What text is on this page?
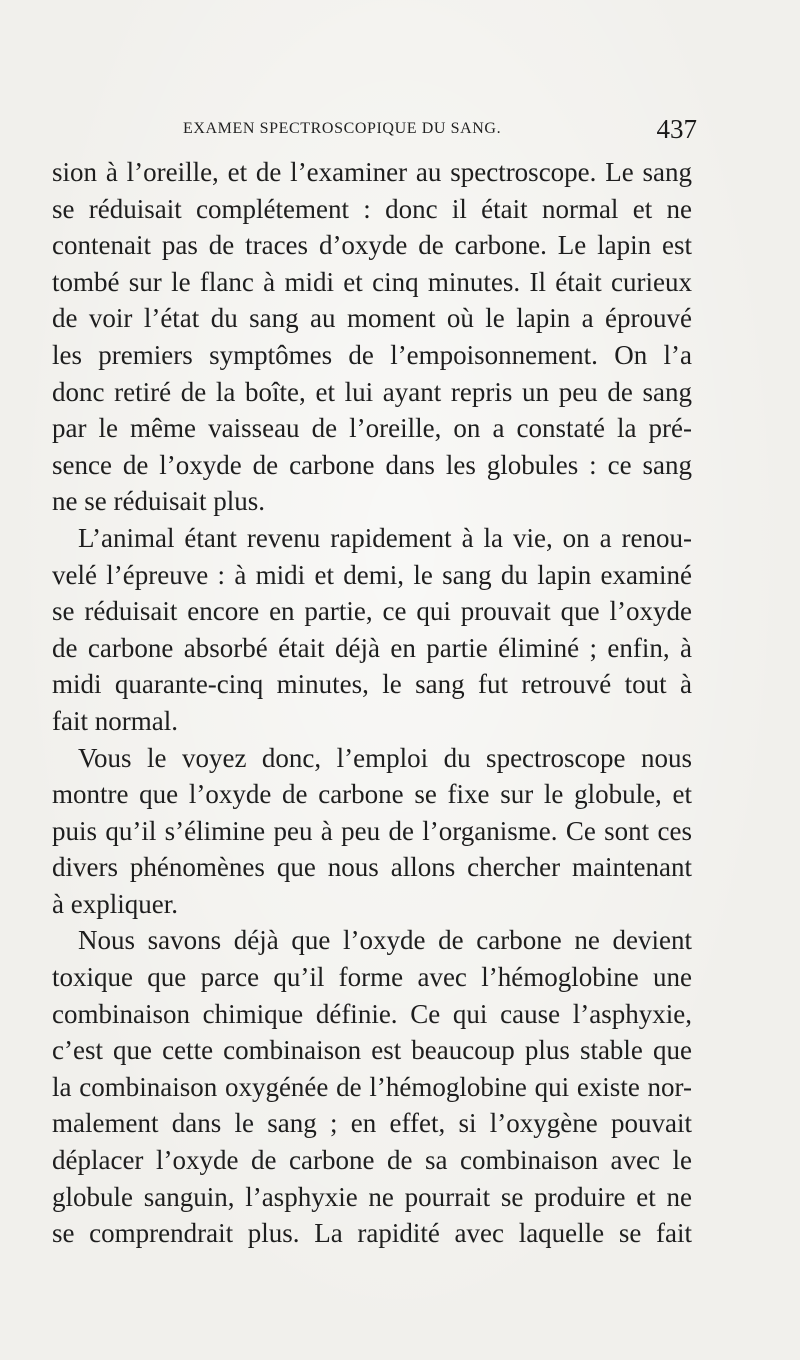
EXAMEN SPECTROSCOPIQUE DU SANG.	437
sion à l’oreille, et de l’examiner au spectroscope. Le sang
se réduisait complétement : donc il était normal et ne
contenait pas de traces d’oxyde de carbone. Le lapin est
tombé sur le flanc à midi et cinq minutes. Il était curieux
de voir l’état du sang au moment où le lapin a éprouvé
les premiers symptômes de l’empoisonnement. On l’a
donc retiré de la boîte, et lui ayant repris un peu de sang
par le même vaisseau de l’oreille, on a constaté la pré-
sence de l’oxyde de carbone dans les globules : ce sang
ne se réduisait plus.
L’animal étant revenu rapidement à la vie, on a renou-
velé l’épreuve : à midi et demi, le sang du lapin examiné
se réduisait encore en partie, ce qui prouvait que l’oxyde
de carbone absorbé était déjà en partie éliminé ; enfin, à
midi quarante-cinq minutes, le sang fut retrouvé tout à
fait normal.
Vous le voyez donc, l’emploi du spectroscope nous
montre que l’oxyde de carbone se fixe sur le globule, et
puis qu’il s’élimine peu à peu de l’organisme. Ce sont ces
divers phénomènes que nous allons chercher maintenant
à expliquer.
Nous savons déjà que l’oxyde de carbone ne devient
toxique que parce qu’il forme avec l’hémoglobine une
combinaison chimique définie. Ce qui cause l’asphyxie,
c’est que cette combinaison est beaucoup plus stable que
la combinaison oxygénée de l’hémoglobine qui existe nor-
malement dans le sang ; en effet, si l’oxygène pouvait
déplacer l’oxyde de carbone de sa combinaison avec le
globule sanguin, l’asphyxie ne pourrait se produire et ne
se comprendrait plus. La rapidité avec laquelle se fait
